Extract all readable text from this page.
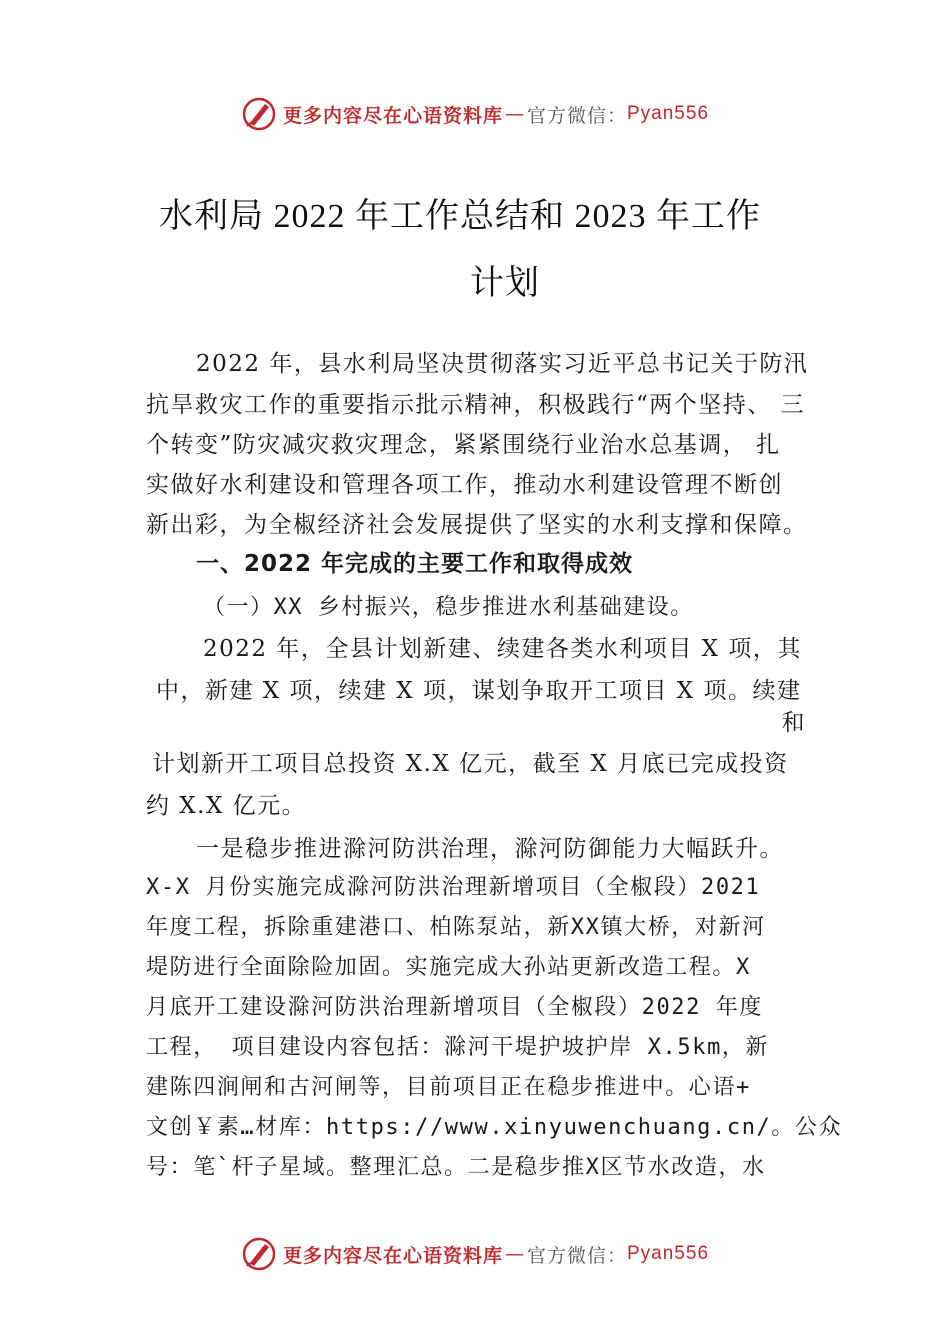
更多内容尽在心语资料库 — 官方微信： Pyan556
水利局 2022 年工作总结和 2023 年工作
计划
2022 年，县水利局坚决贯彻落实习近平总书记关于防汛
抗旱救灾工作的重要指示批示精神，积极践行“两个坚持、 三
个转变”防灾减灾救灾理念，紧紧围绕行业治水总基调， 扎
实做好水利建设和管理各项工作，推动水利建设管理不断创
新出彩，为全椒经济社会发展提供了坚实的水利支撑和保障。
一、2022 年完成的主要工作和取得成效
（一）XX 乡村振兴，稳步推进水利基础建设。
2022 年，全县计划新建、续建各类水利项目 X 项，其
中，新建 X 项，续建 X 项，谋划争取开工项目 X 项。续建
和
计划新开工项目总投资 X.X 亿元，截至 X 月底已完成投资
约 X.X 亿元。
一是稳步推进滁河防洪治理，滁河防御能力大幅跃升。
X-X 月份实施完成滁河防洪治理新增项目（全椒段）2021
年度工程，拆除重建港口、柏陈泵站，新XX镇大桥，对新河
堤防进行全面除险加固。实施完成大孙站更新改造工程。X
月底开工建设滁河防洪治理新增项目（全椒段）2022 年度
工程， 项目建设内容包括：滁河干堤护坡护岸 X.5km，新
建陈四涧闸和古河闸等，目前项目正在稳步推进中。心语+
文创￥素…材库：https://www.xinyuwenchuang.cn/。公众
号：笔`杆子星域。整理汇总。二是稳步推X区节水改造，水
更多内容尽在心语资料库 — 官方微信： Pyan556
